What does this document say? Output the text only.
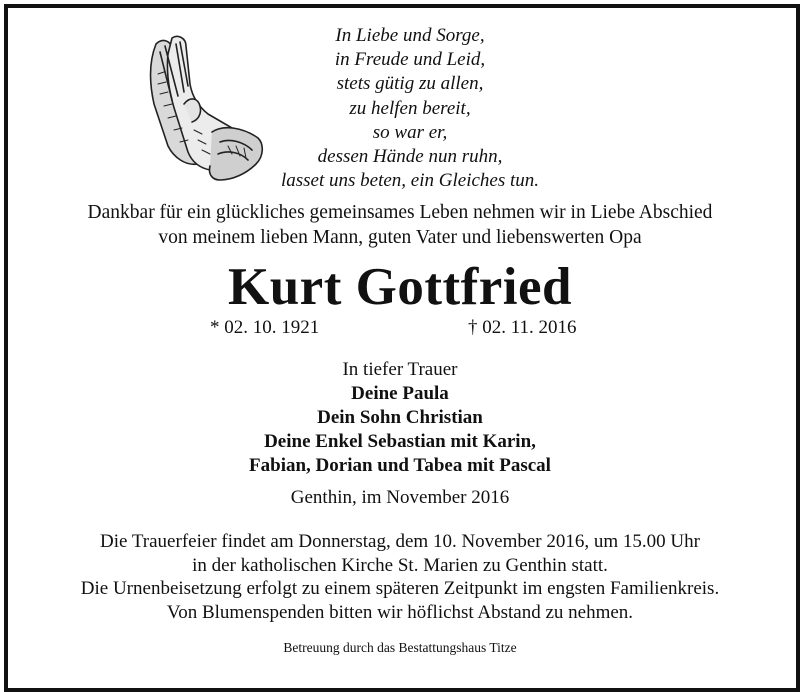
In Liebe und Sorge,
in Freude und Leid,
stets gütig zu allen,
zu helfen bereit,
so war er,
dessen Hände nun ruhn,
lasset uns beten, ein Gleiches tun.
Dankbar für ein glückliches gemeinsames Leben nehmen wir in Liebe Abschied
von meinem lieben Mann, guten Vater und liebenswerten Opa
Kurt Gottfried
* 02. 10. 1921	† 02. 11. 2016
In tiefer Trauer
Deine Paula
Dein Sohn Christian
Deine Enkel Sebastian mit Karin,
Fabian, Dorian und Tabea mit Pascal
Genthin, im November 2016
Die Trauerfeier findet am Donnerstag, dem 10. November 2016, um 15.00 Uhr
in der katholischen Kirche St. Marien zu Genthin statt.
Die Urnenbeisetzung erfolgt zu einem späteren Zeitpunkt im engsten Familienkreis.
Von Blumenspenden bitten wir höflichst Abstand zu nehmen.
Betreuung durch das Bestattungshaus Titze
